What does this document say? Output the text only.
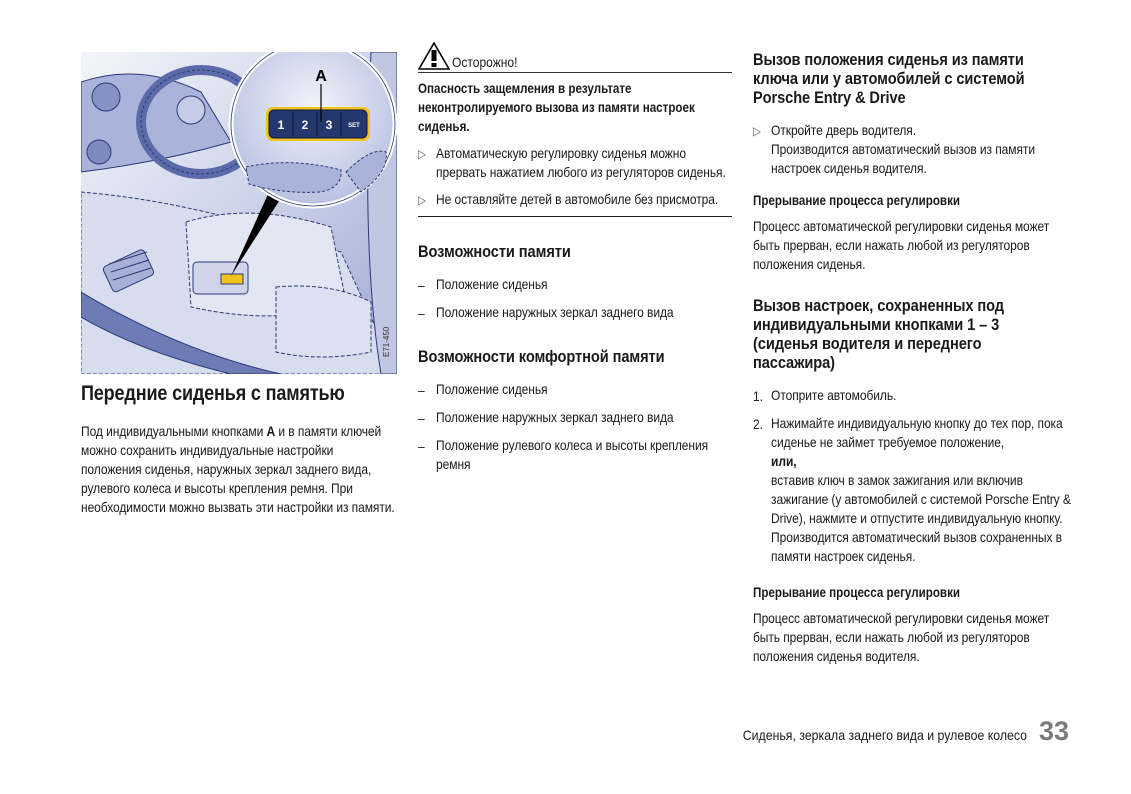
1 2 3	SET
A
E71-450
Передние сиденья с памятью

Под индивидуальными кнопками A и в памяти ключей можно сохранить индивидуальные настройки положения сиденья, наружных зеркал заднего вида, рулевого колеса и высоты крепления ремня. При необходимости можно вызвать эти настройки из памяти.

Осторожно!
Опасность защемления в результате неконтролируемого вызова из памяти настроек сиденья.
▷ Автоматическую регулировку сиденья можно прервать нажатием любого из регуляторов сиденья.
▷ Не оставляйте детей в автомобиле без присмотра.
Возможности памяти
– Положение сиденья
– Положение наружных зеркал заднего вида
Возможности комфортной памяти
– Положение сиденья
– Положение наружных зеркал заднего вида
– Положение рулевого колеса и высоты крепления ремня
Вызов положения сиденья из памяти ключа или у автомобилей с системой Porsche Entry & Drive
▷ Откройте дверь водителя.
Производится автоматический вызов из памяти настроек сиденья водителя.
Прерывание процесса регулировки

Процесс автоматической регулировки сиденья может быть прерван, если нажать любой из регуляторов положения сиденья.

Вызов настроек, сохраненных под индивидуальными кнопками 1 – 3 (сиденья водителя и переднего пассажира)
1. Отоприте автомобиль.
2. Нажимайте индивидуальную кнопку до тех пор, пока сиденье не займет требуемое положение,
или,
вставив ключ в замок зажигания или включив зажигание (у автомобилей с системой Porsche Entry & Drive), нажмите и отпустите индивидуальную кнопку.
Производится автоматический вызов сохраненных в памяти настроек сиденья.
Прерывание процесса регулировки

Процесс автоматической регулировки сиденья может быть прерван, если нажать любой из регуляторов положения сиденья водителя.

Сиденья, зеркала заднего вида и рулевое колесо 33
